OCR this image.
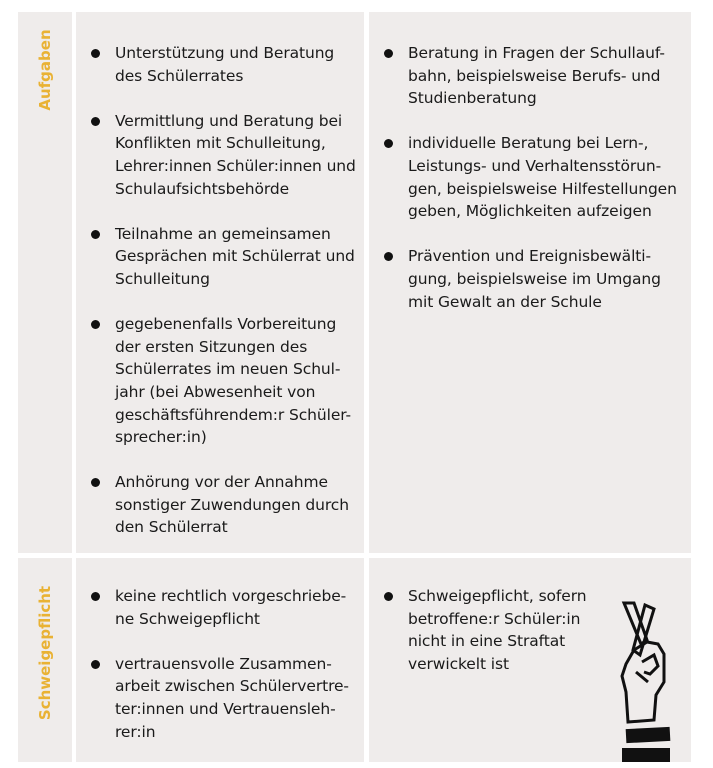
Aufgaben	Unterstützung und Beratung
des Schülerrates
Vermittlung und Beratung bei
Konflikten mit Schulleitung,
Lehrer:innen Schüler:innen und
Schulaufsichtsbehörde
Teilnahme an gemeinsamen
Gesprächen mit Schülerrat und
Schulleitung
gegebenenfalls Vorbereitung
der ersten Sitzungen des
Schülerrates im neuen Schul-
jahr (bei Abwesenheit von
geschäftsführendem:r Schüler-
sprecher:in)
Anhörung vor der Annahme
sonstiger Zuwendungen durch
den Schülerrat
Beratung in Fragen der Schullauf-
bahn, beispielsweise Berufs- und
Studienberatung
individuelle Beratung bei Lern-,
Leistungs- und Verhaltensstörun-
gen, beispielsweise Hilfestellungen
geben, Möglichkeiten aufzeigen
Prävention und Ereignisbewälti-
gung, beispielsweise im Umgang
mit Gewalt an der Schule
Schweigepflicht	keine rechtlich vorgeschriebe-
ne Schweigepflicht
vertrauensvolle Zusammen-
arbeit zwischen Schülervertre-
ter:innen und Vertrauensleh-
rer:in
Schweigepflicht, sofern
betroffene:r Schüler:in
nicht in eine Straftat
verwickelt ist
